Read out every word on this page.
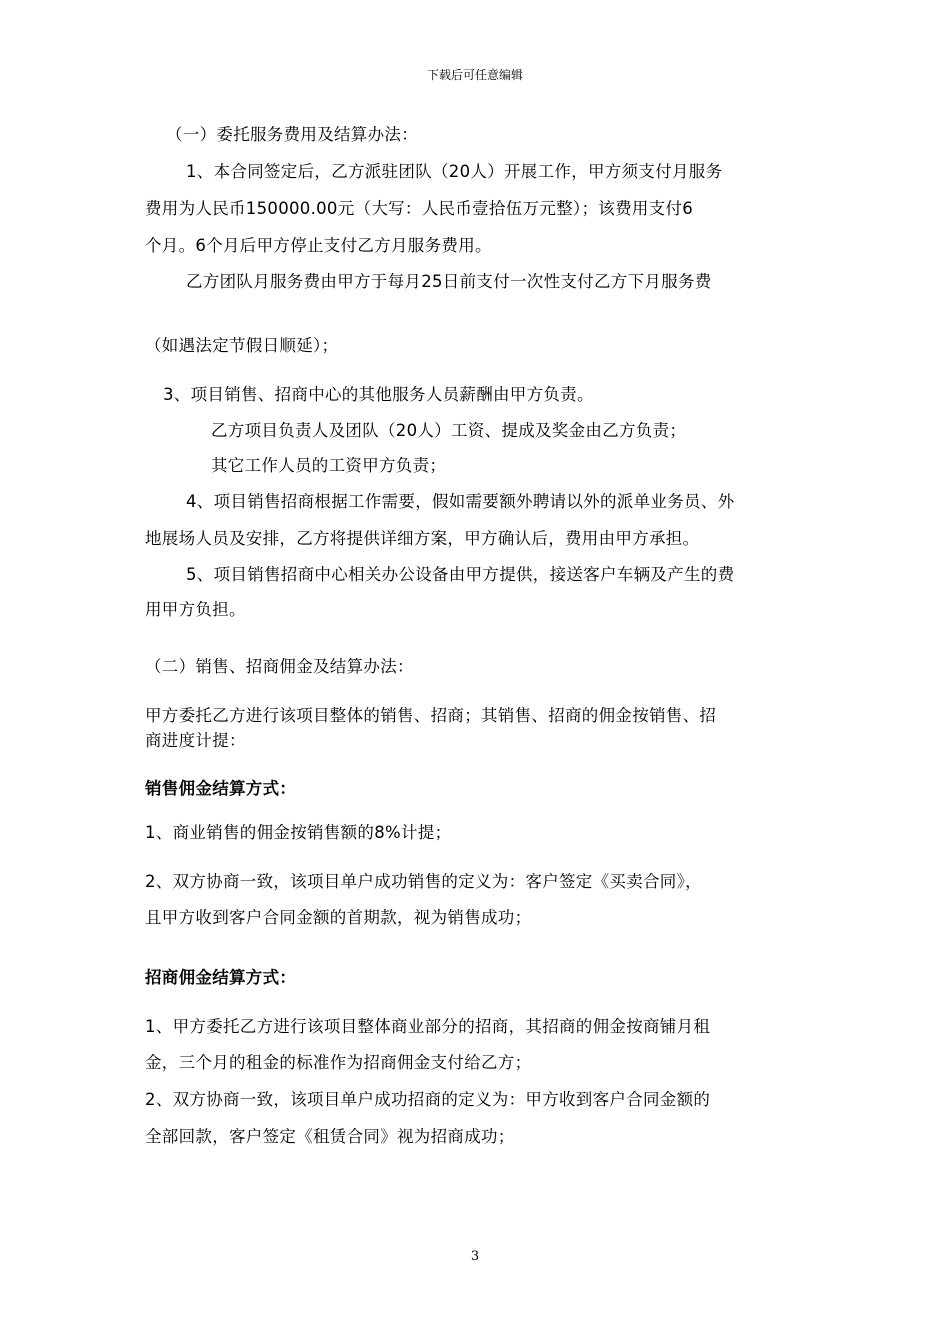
下载后可任意编辑
（一）委托服务费用及结算办法：
1、本合同签定后，乙方派驻团队（20人）开展工作，甲方须支付月服务
费用为人民币150000.00元（大写：人民币壹拾伍万元整）；该费用支付6
个月。6个月后甲方停止支付乙方月服务费用。
乙方团队月服务费由甲方于每月25日前支付一次性支付乙方下月服务费
（如遇法定节假日顺延）；
3、项目销售、招商中心的其他服务人员薪酬由甲方负责。
乙方项目负责人及团队（20人）工资、提成及奖金由乙方负责；
其它工作人员的工资甲方负责；
4、项目销售招商根据工作需要，假如需要额外聘请以外的派单业务员、外
地展场人员及安排，乙方将提供详细方案，甲方确认后，费用由甲方承担。
5、项目销售招商中心相关办公设备由甲方提供，接送客户车辆及产生的费
用甲方负担。
（二）销售、招商佣金及结算办法：
甲方委托乙方进行该项目整体的销售、招商；其销售、招商的佣金按销售、招
商进度计提：
销售佣金结算方式：
1、商业销售的佣金按销售额的8%计提；
2、双方协商一致，该项目单户成功销售的定义为：客户签定《买卖合同》，
且甲方收到客户合同金额的首期款，视为销售成功；
招商佣金结算方式：
1、甲方委托乙方进行该项目整体商业部分的招商，其招商的佣金按商铺月租
金，三个月的租金的标准作为招商佣金支付给乙方；
2、双方协商一致，该项目单户成功招商的定义为：甲方收到客户合同金额的
全部回款，客户签定《租赁合同》视为招商成功；
3
